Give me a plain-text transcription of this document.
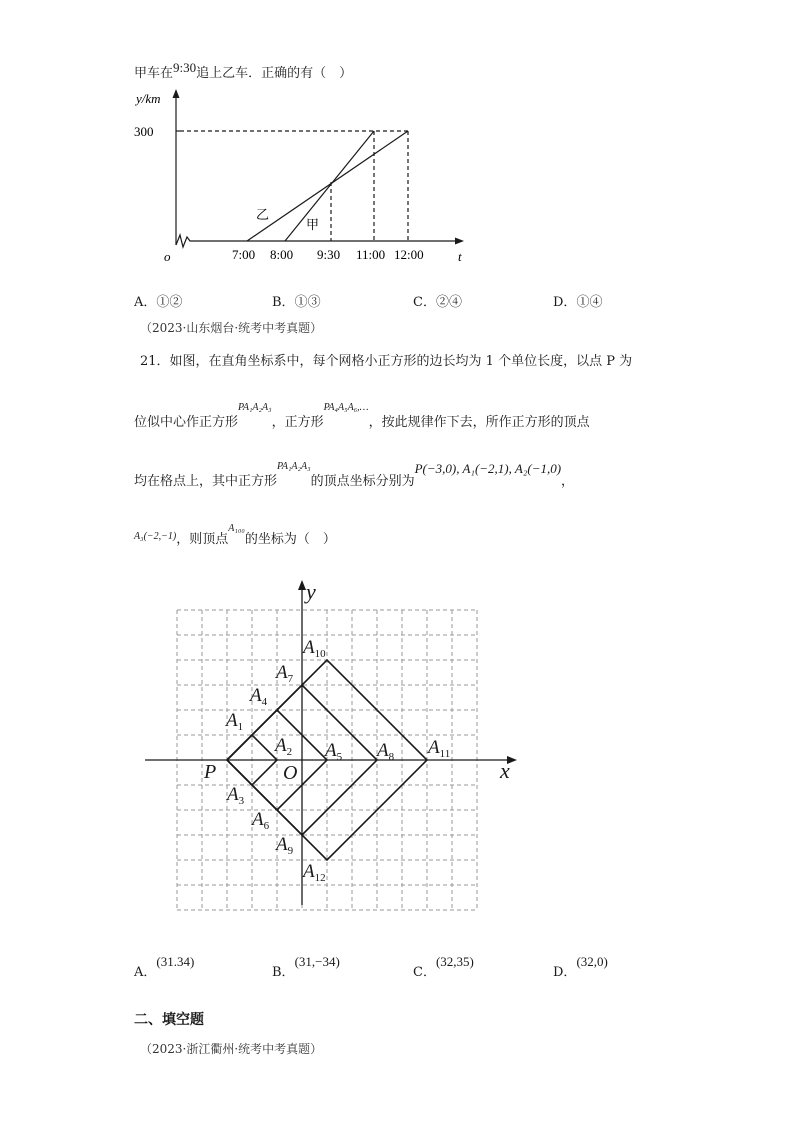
甲车在9:30追上乙车．正确的有（　）
y/km
300
o	t
7:00 8:00 9:30 11:00 12:00
乙
甲
A．①②	B．①③	C．②④	D．①④
（2023·山东烟台·统考中考真题）
21．如图，在直角坐标系中，每个网格小正方形的边长均为 1 个单位长度，以点 P 为
位似中心作正方形$^{PA_1A_2A_3}$，正方形$^{PA_4A_5A_6,\dots}$，按此规律作下去，所作正方形的顶点
均在格点上，其中正方形$^{PA_1A_2A_3}$的顶点坐标分别为P(−3,0), A₁(−2,1), A₂(−1,0)，
$^{A_3(-2,-1)}$，则顶点$^{A_{100}}$的坐标为（　）
y
x
O
P
$A_1$
$A_2$
$A_3$
$A_4$
$A_5$
$A_6$
$A_7$
$A_8$
$A_9$
$A_{10}$
$A_{11}$
$A_{12}$
A．(31.34)
B．(31,−34)
C．(32,35)
D．(32,0)
二、填空题
（2023·浙江衢州·统考中考真题）
